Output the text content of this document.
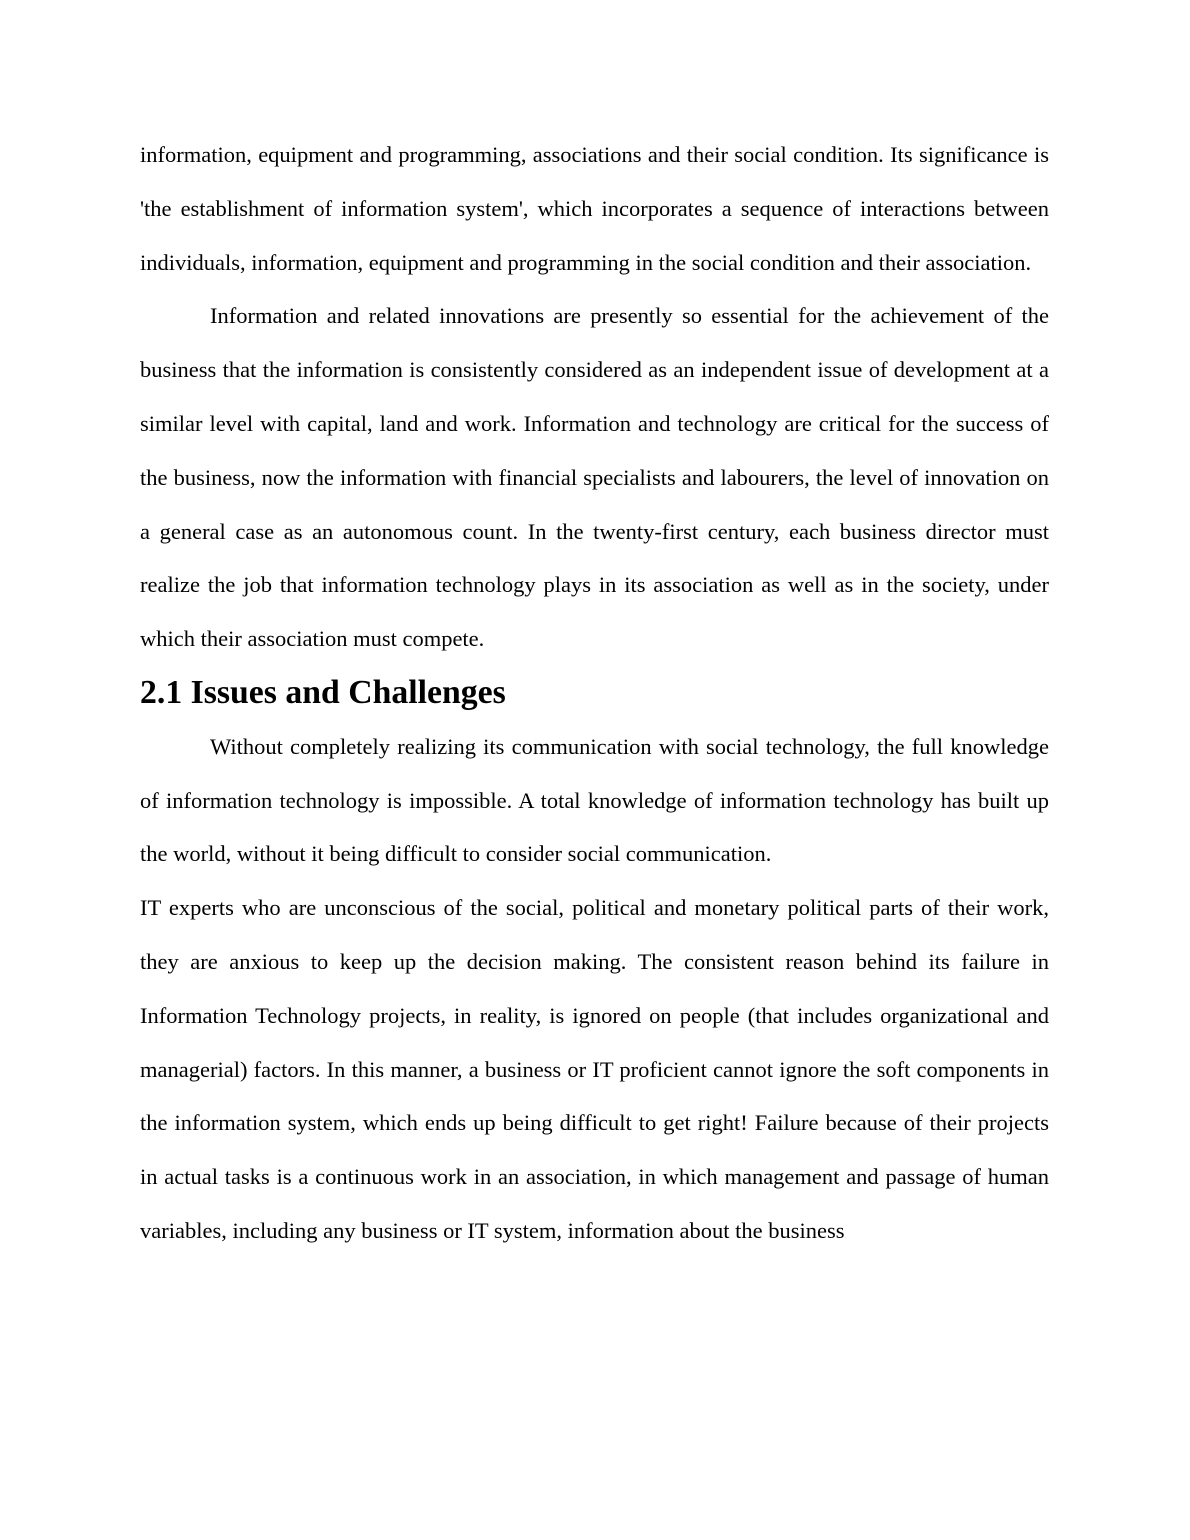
information, equipment and programming, associations and their social condition. Its significance is 'the establishment of information system', which incorporates a sequence of interactions between individuals, information, equipment and programming in the social condition and their association.

Information and related innovations are presently so essential for the achievement of the business that the information is consistently considered as an independent issue of development at a similar level with capital, land and work. Information and technology are critical for the success of the business, now the information with financial specialists and labourers, the level of innovation on a general case as an autonomous count. In the twenty-first century, each business director must realize the job that information technology plays in its association as well as in the society, under which their association must compete.

2.1 Issues and Challenges

Without completely realizing its communication with social technology, the full knowledge of information technology is impossible. A total knowledge of information technology has built up the world, without it being difficult to consider social communication.

IT experts who are unconscious of the social, political and monetary political parts of their work, they are anxious to keep up the decision making. The consistent reason behind its failure in Information Technology projects, in reality, is ignored on people (that includes organizational and managerial) factors. In this manner, a business or IT proficient cannot ignore the soft components in the information system, which ends up being difficult to get right! Failure because of their projects in actual tasks is a continuous work in an association, in which management and passage of human variables, including any business or IT system, information about the business
